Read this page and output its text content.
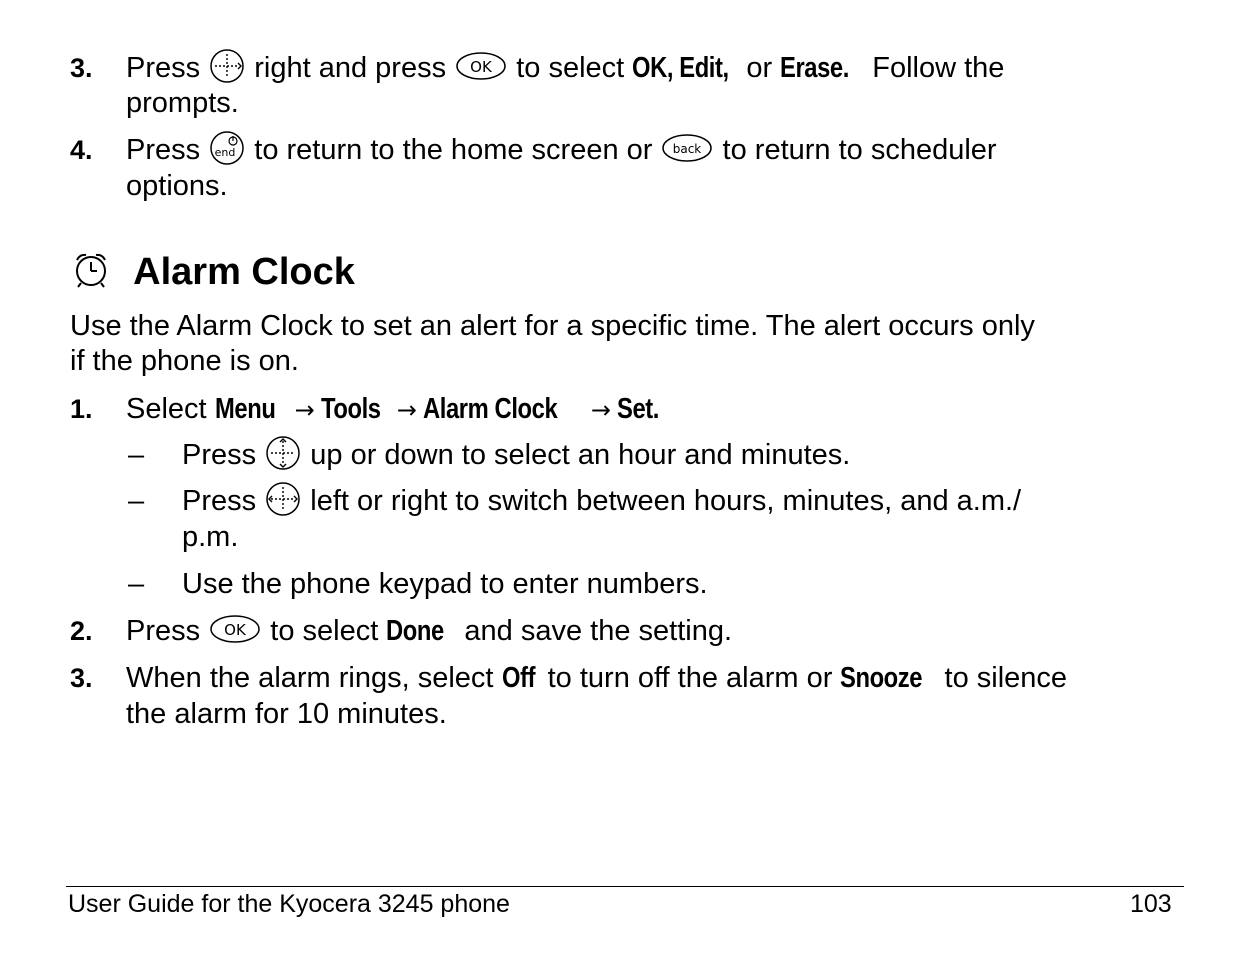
3. Press right and press OK to select OK, Edit, or Erase. Follow the
prompts.
4. Press end to return to the home screen or back to return to scheduler
options.
Alarm Clock
Use the Alarm Clock to set an alert for a specific time. The alert occurs only
if the phone is on.
1. Select Menu → Tools → Alarm Clock → Set.
– Press up or down to select an hour and minutes.
– Press left or right to switch between hours, minutes, and a.m./
p.m.
– Use the phone keypad to enter numbers.
2. Press OK to select Done and save the setting.
3. When the alarm rings, select Off to turn off the alarm or Snooze to silence
the alarm for 10 minutes.
User Guide for the Kyocera 3245 phone	103
